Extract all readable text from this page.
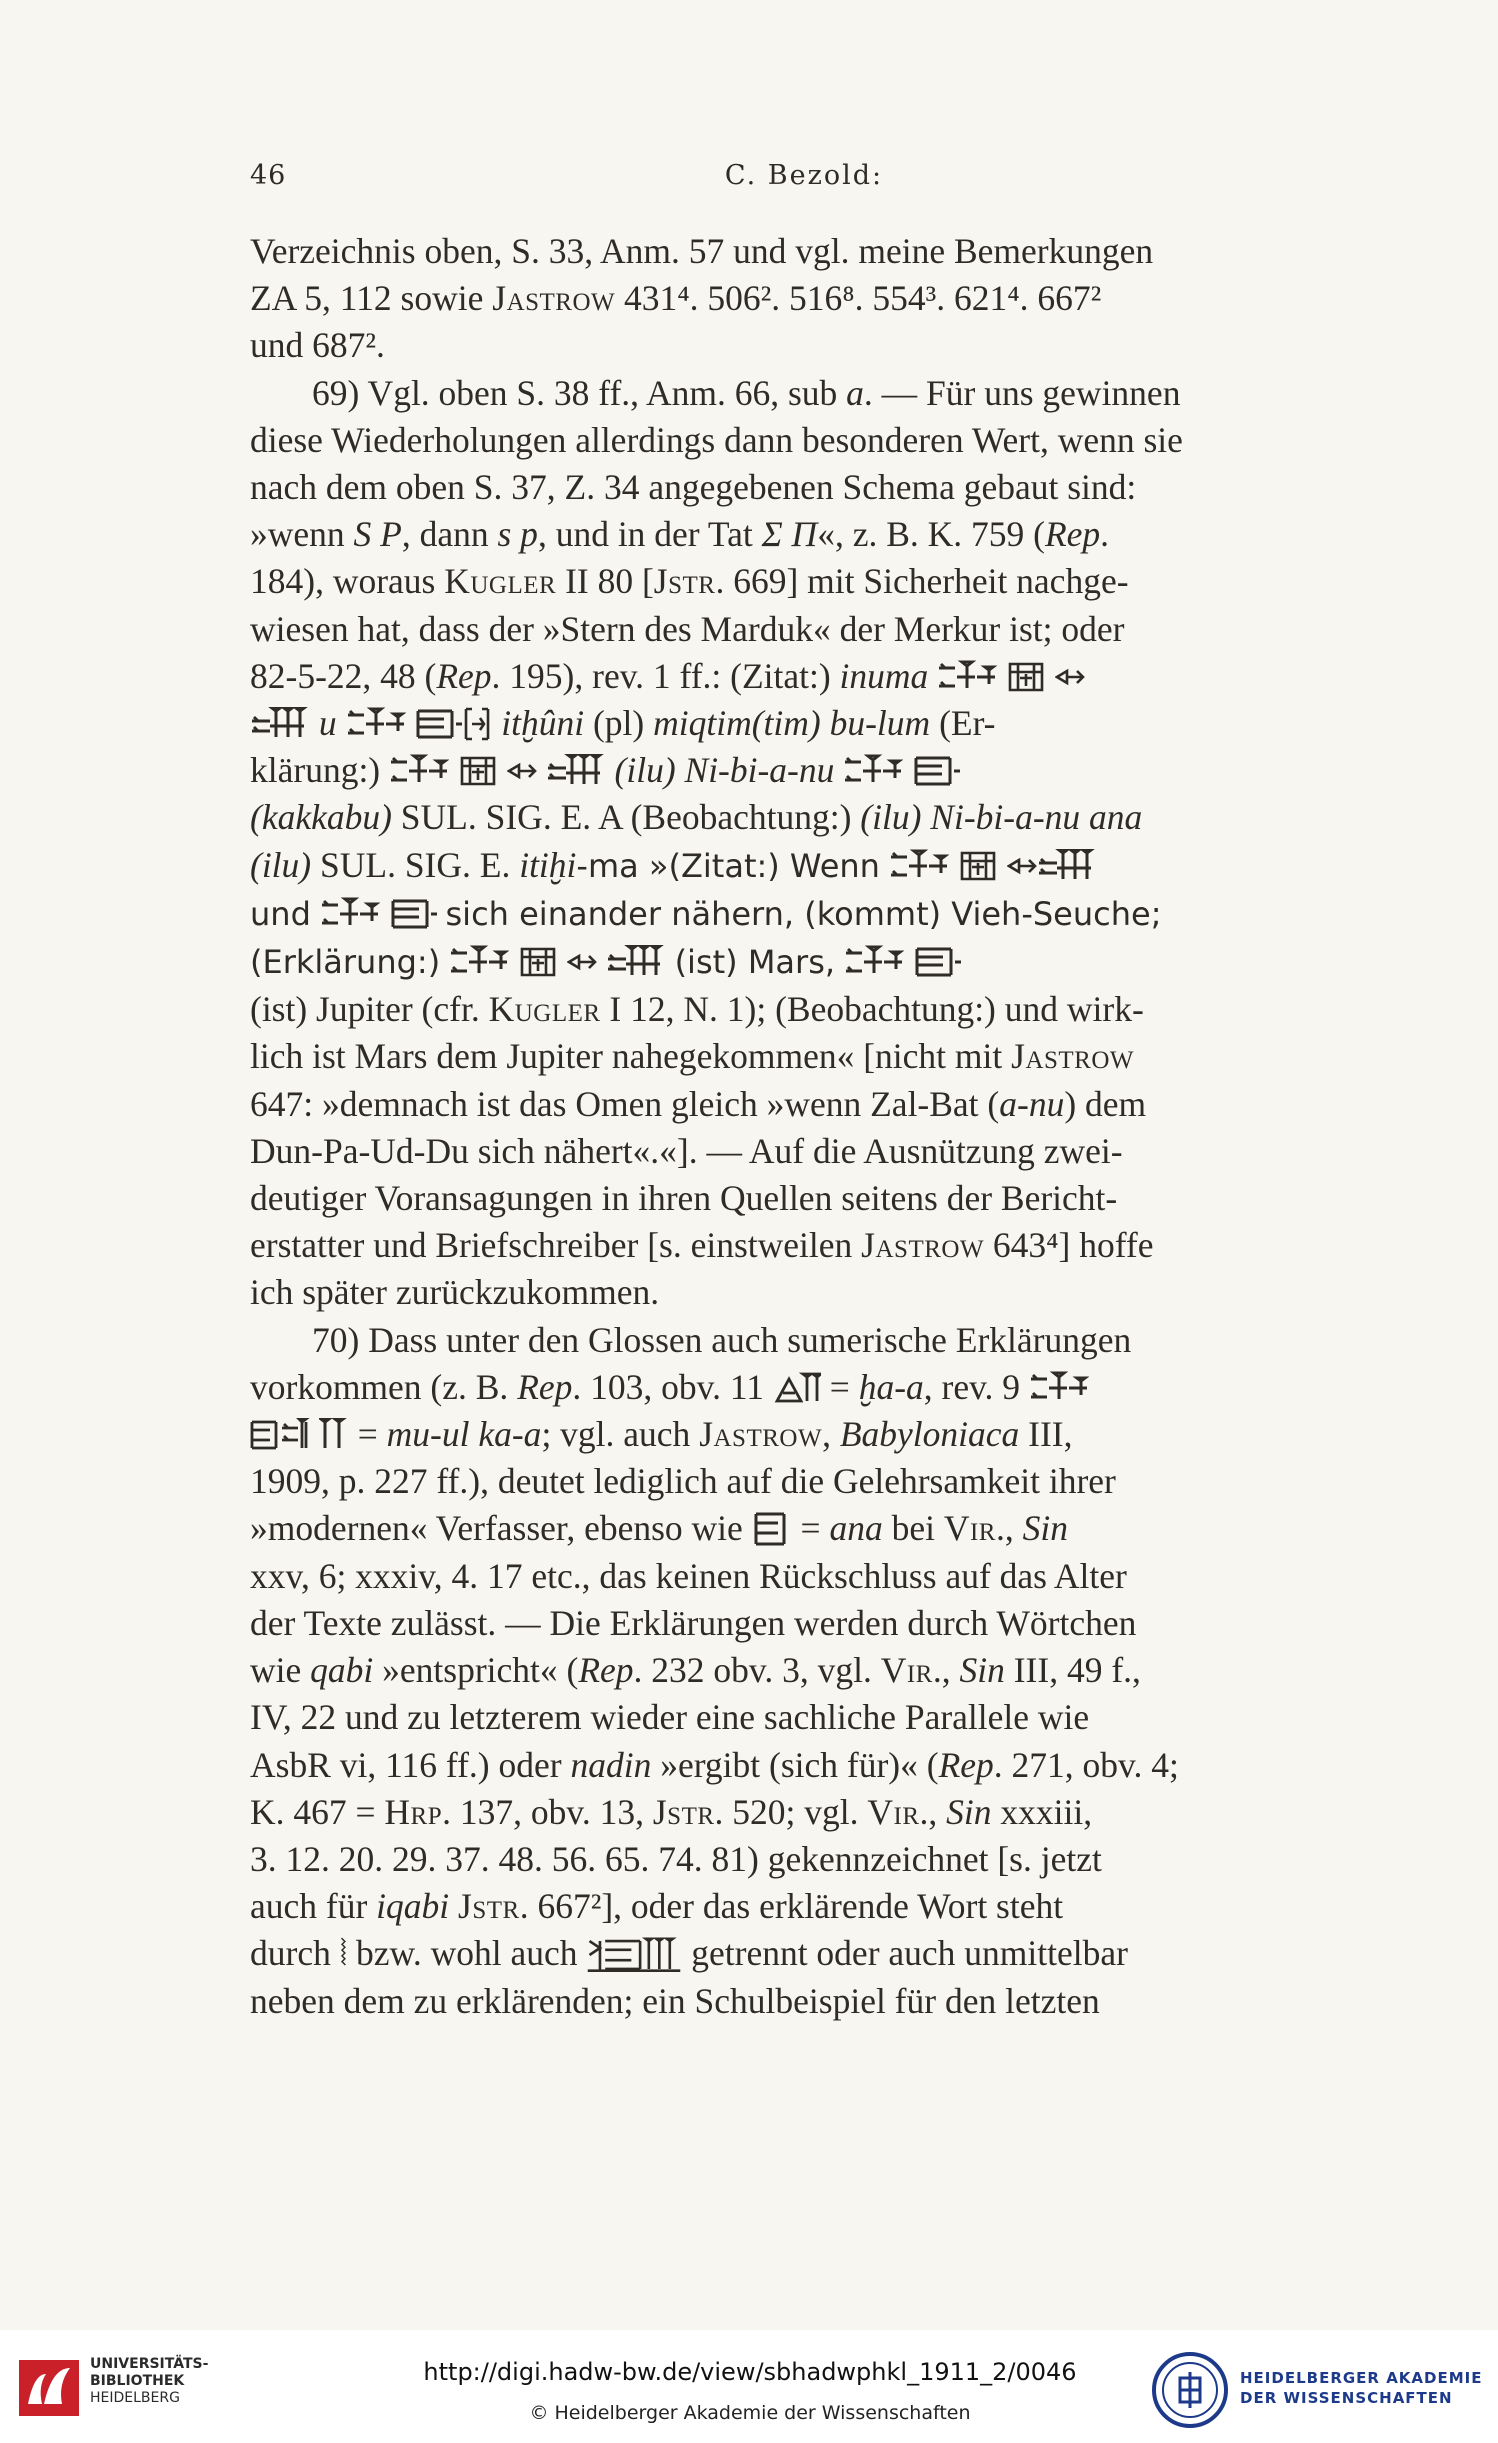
46	C. Bezold:

Verzeichnis oben, S. 33, Anm. 57 und vgl. meine Bemerkungen

ZA 5, 112 sowie Jastrow 431⁴. 506². 516⁸. 554³. 621⁴. 667²

und 687².

69) Vgl. oben S. 38 ff., Anm. 66, sub a. — Für uns gewinnen

diese Wiederholungen allerdings dann besonderen Wert, wenn sie

nach dem oben S. 37, Z. 34 angegebenen Schema gebaut sind:

»wenn S P, dann s p, und in der Tat Σ Π«, z. B. K. 759 (Rep.

184), woraus Kugler II 80 [Jstr. 669] mit Sicherheit nachge-

wiesen hat, dass der »Stern des Marduk« der Merkur ist; oder

82-5-22, 48 (Rep. 195), rev. 1 ff.: (Zitat:) inuma

u
	itḫûni (pl) miqtim(tim) bu-lum (Er-

klärung:)

	(ilu) Ni-bi-a-nu

(kakkabu) SUL. SIG. E. A (Beobachtung:) (ilu) Ni-bi-a-nu ana

(ilu) SUL. SIG. E. itiḫi-ma »(Zitat:) Wenn

und
	sich einander nähern, (kommt) Vieh-Seuche;

(Erklärung:)

	(ist) Mars,

(ist) Jupiter (cfr. Kugler I 12, N. 1); (Beobachtung:) und wirk-

lich ist Mars dem Jupiter nahegekommen« [nicht mit Jastrow

647: »demnach ist das Omen gleich »wenn Zal-Bat (a-nu) dem

Dun-Pa-Ud-Du sich nähert«.«]. — Auf die Ausnützung zwei-

deutiger Voransagungen in ihren Quellen seitens der Bericht-

erstatter und Briefschreiber [s. einstweilen Jastrow 643⁴] hoffe

ich später zurückzukommen.

70) Dass unter den Glossen auch sumerische Erklärungen

vorkommen (z. B. Rep. 103, obv. 11
= ḫa-a, rev. 9

= mu-ul ka-a; vgl. auch Jastrow, Babyloniaca III,

1909, p. 227 ff.), deutet lediglich auf die Gelehrsamkeit ihrer

»modernen« Verfasser, ebenso wie
= ana bei Vir., Sin

xxv, 6; xxxiv, 4. 17 etc., das keinen Rückschluss auf das Alter

der Texte zulässt. — Die Erklärungen werden durch Wörtchen

wie qabi »entspricht« (Rep. 232 obv. 3, vgl. Vir., Sin III, 49 f.,

IV, 22 und zu letzterem wieder eine sachliche Parallele wie

AsbR vi, 116 ff.) oder nadin »ergibt (sich für)« (Rep. 271, obv. 4;

K. 467 = Hrp. 137, obv. 13, Jstr. 520; vgl. Vir., Sin xxxiii,

3. 12. 20. 29. 37. 48. 56. 65. 74. 81) gekennzeichnet [s. jetzt

auch für iqabi Jstr. 667²], oder das erklärende Wort steht

durch ⦚ bzw. wohl auch	getrennt oder auch unmittelbar

neben dem zu erklärenden; ein Schulbeispiel für den letzten

UNIVERSITÄTS-
BIBLIOTHEK
HEIDELBERG
http://digi.hadw-bw.de/view/sbhadwphkl_1911_2/0046
© Heidelberger Akademie der Wissenschaften
HEIDELBERGER AKADEMIE
DER WISSENSCHAFTEN
